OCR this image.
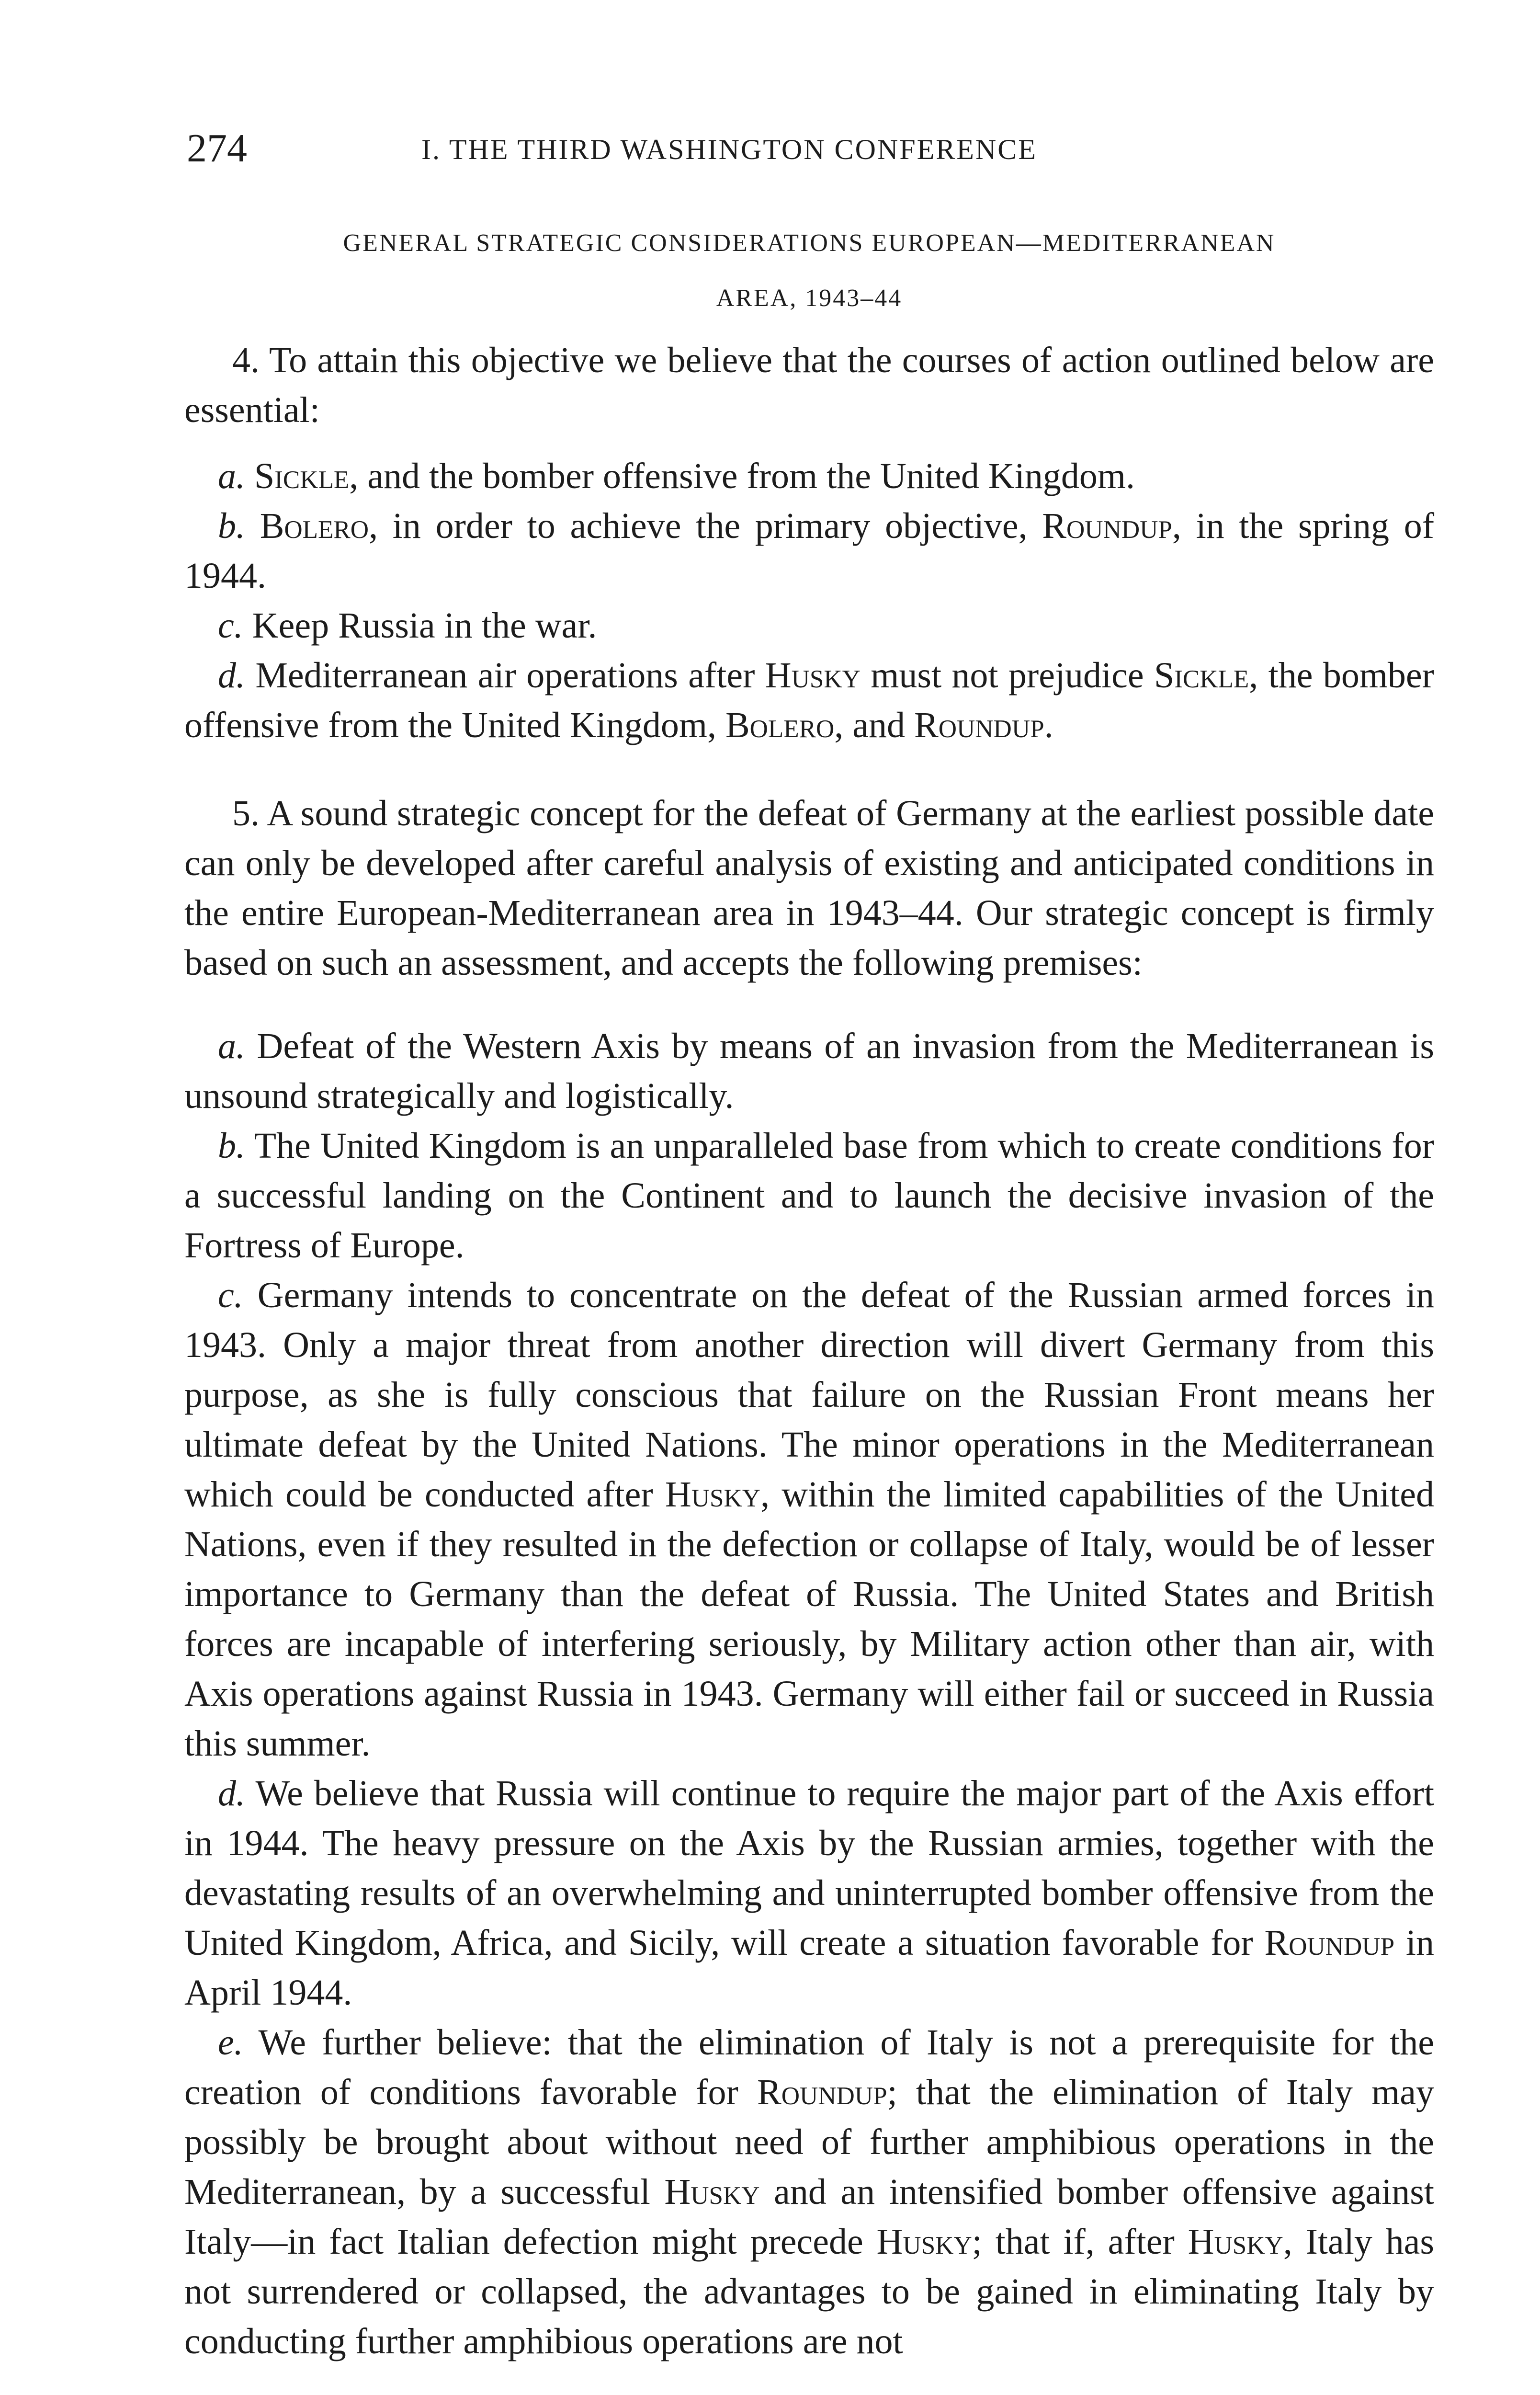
274	I. THE THIRD WASHINGTON CONFERENCE
GENERAL STRATEGIC CONSIDERATIONS EUROPEAN—MEDITERRANEAN
AREA, 1943–44

4. To attain this objective we believe that the courses of action outlined below are essential:

a. Sickle, and the bomber offensive from the United Kingdom.

b. Bolero, in order to achieve the primary objective, Roundup, in the spring of 1944.

c. Keep Russia in the war.

d. Mediterranean air operations after Husky must not prejudice Sickle, the bomber offensive from the United Kingdom, Bolero, and Roundup.

5. A sound strategic concept for the defeat of Germany at the earliest possible date can only be developed after careful analysis of existing and anticipated conditions in the entire European-Mediterranean area in 1943–44. Our strategic concept is firmly based on such an assessment, and accepts the following premises:

a. Defeat of the Western Axis by means of an invasion from the Mediterranean is unsound strategically and logistically.

b. The United Kingdom is an unparalleled base from which to create conditions for a successful landing on the Continent and to launch the decisive invasion of the Fortress of Europe.

c. Germany intends to concentrate on the defeat of the Russian armed forces in 1943. Only a major threat from another direction will divert Germany from this purpose, as she is fully conscious that failure on the Russian Front means her ultimate defeat by the United Nations. The minor operations in the Mediterranean which could be conducted after Husky, within the limited capabilities of the United Nations, even if they resulted in the defection or collapse of Italy, would be of lesser importance to Germany than the defeat of Russia. The United States and British forces are incapable of interfering seriously, by Military action other than air, with Axis operations against Russia in 1943. Germany will either fail or succeed in Russia this summer.

d. We believe that Russia will continue to require the major part of the Axis effort in 1944. The heavy pressure on the Axis by the Russian armies, together with the devastating results of an overwhelming and uninterrupted bomber offensive from the United Kingdom, Africa, and Sicily, will create a situation favorable for Roundup in April 1944.

e. We further believe: that the elimination of Italy is not a prerequisite for the creation of conditions favorable for Roundup; that the elimination of Italy may possibly be brought about without need of further amphibious operations in the Mediterranean, by a successful Husky and an intensified bomber offensive against Italy—in fact Italian defection might precede Husky; that if, after Husky, Italy has not surrendered or collapsed, the advantages to be gained in eliminating Italy by conducting further amphibious operations are not
